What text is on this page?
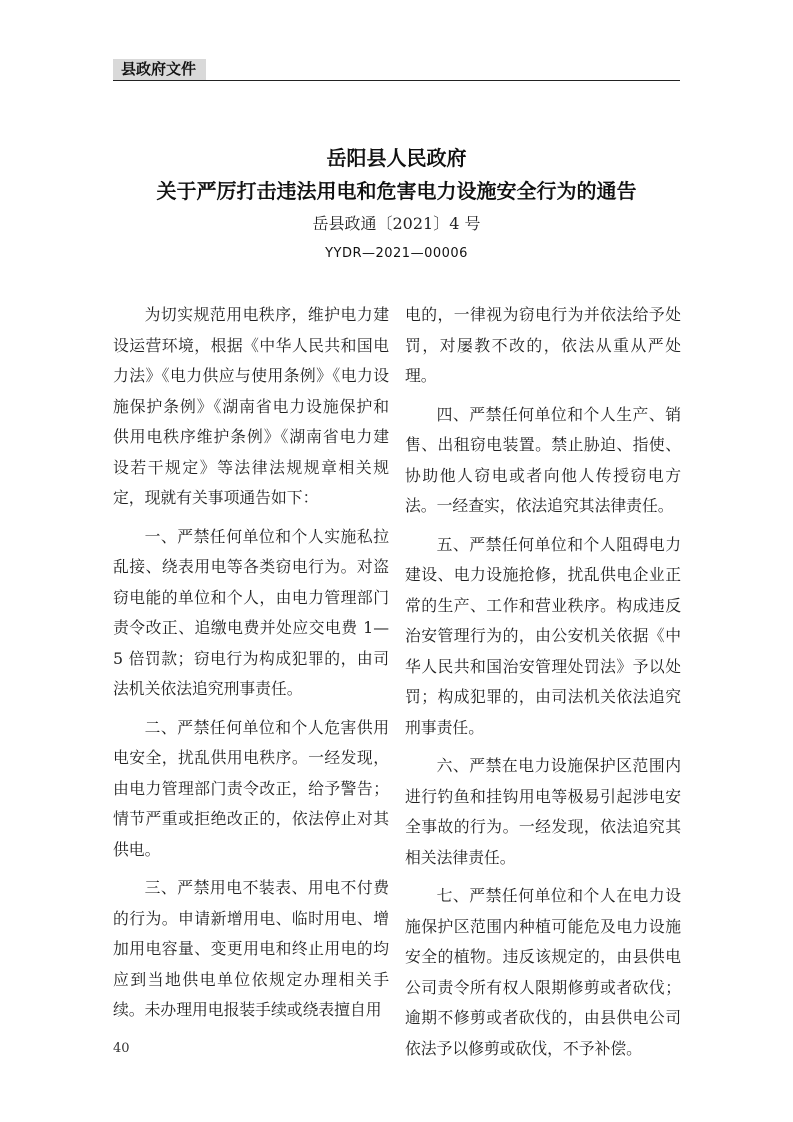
县政府文件
岳阳县人民政府
关于严厉打击违法用电和危害电力设施安全行为的通告
岳县政通〔2021〕4 号
YYDR—2021—00006

为切实规范用电秩序，维护电力建设运营环境，根据《中华人民共和国电力法》《电力供应与使用条例》《电力设施保护条例》《湖南省电力设施保护和供用电秩序维护条例》《湖南省电力建设若干规定》等法律法规规章相关规定，现就有关事项通告如下：

一、严禁任何单位和个人实施私拉乱接、绕表用电等各类窃电行为。对盗窃电能的单位和个人，由电力管理部门责令改正、追缴电费并处应交电费 1—5 倍罚款；窃电行为构成犯罪的，由司法机关依法追究刑事责任。

二、严禁任何单位和个人危害供用电安全，扰乱供用电秩序。一经发现，由电力管理部门责令改正，给予警告；情节严重或拒绝改正的，依法停止对其供电。

三、严禁用电不装表、用电不付费的行为。申请新增用电、临时用电、增加用电容量、变更用电和终止用电的均应到当地供电单位依规定办理相关手续。未办理用电报装手续或绕表擅自用

电的，一律视为窃电行为并依法给予处罚，对屡教不改的，依法从重从严处理。

四、严禁任何单位和个人生产、销售、出租窃电装置。禁止胁迫、指使、协助他人窃电或者向他人传授窃电方法。一经查实，依法追究其法律责任。

五、严禁任何单位和个人阻碍电力建设、电力设施抢修，扰乱供电企业正常的生产、工作和营业秩序。构成违反治安管理行为的，由公安机关依据《中华人民共和国治安管理处罚法》予以处罚；构成犯罪的，由司法机关依法追究刑事责任。

六、严禁在电力设施保护区范围内进行钓鱼和挂钩用电等极易引起涉电安全事故的行为。一经发现，依法追究其相关法律责任。

七、严禁任何单位和个人在电力设施保护区范围内种植可能危及电力设施安全的植物。违反该规定的，由县供电公司责令所有权人限期修剪或者砍伐；逾期不修剪或者砍伐的，由县供电公司依法予以修剪或砍伐，不予补偿。

40
